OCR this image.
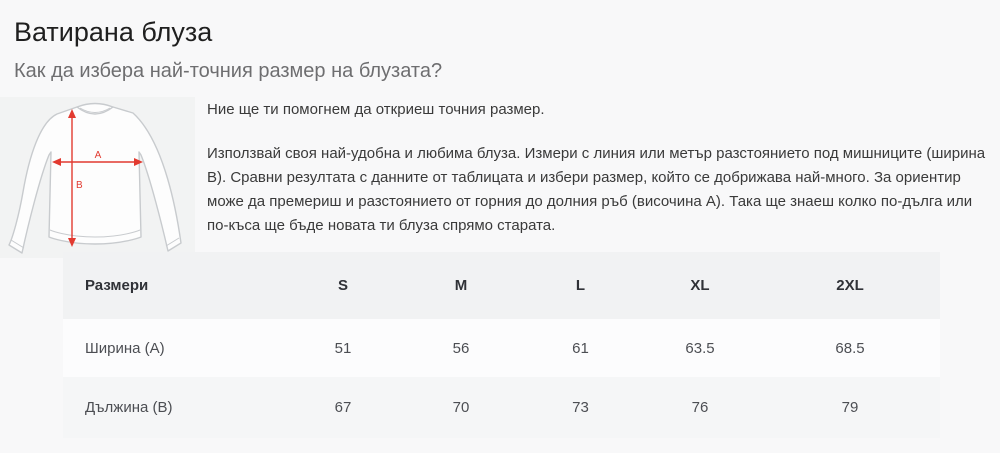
Ватирана блуза
Как да избера най-точния размер на блузата?
A
B

Ние ще ти помогнем да откриеш точния размер.

Използвай своя най-удобна и любима блуза. Измери с линия или метър разстоянието под мишниците (ширина В). Сравни резултата с данните от таблицата и избери размер, който се добрижава най-много. За ориентир може да премериш и разстоянието от горния до долния ръб (височина А). Така ще знаеш колко по-дълга или по-къса ще бъде новата ти блуза спрямо старата.

Размери	S	M	L	XL	2XL
Ширина (A)	51	56	61	63.5	68.5
Дължина (B)	67	70	73	76	79
